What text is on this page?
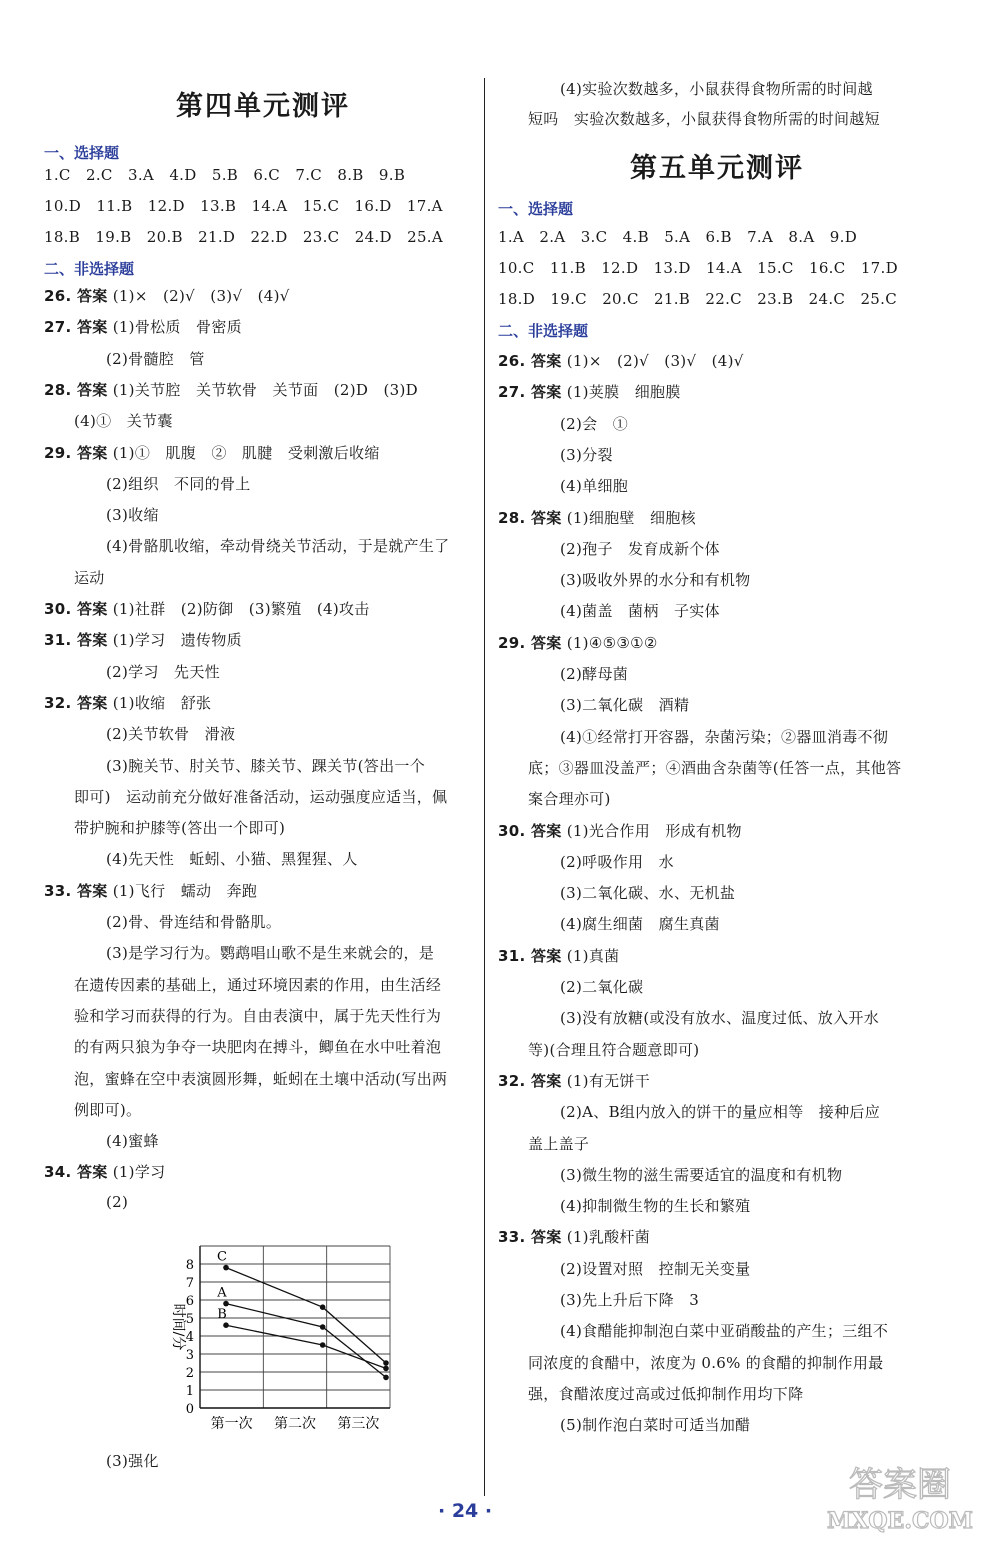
第四单元测评
一、选择题
1.C　2.C　3.A　4.D　5.B　6.C　7.C　8.B　9.B
10.D　11.B　12.D　13.B　14.A　15.C　16.D　17.A
18.B　19.B　20.B　21.D　22.D　23.C　24.D　25.A
二、非选择题
26. 答案 (1)×　(2)√　(3)√　(4)√
27. 答案 (1)骨松质　骨密质
(2)骨髓腔　管
28. 答案 (1)关节腔　关节软骨　关节面　(2)D　(3)D
(4)①　关节囊
29. 答案 (1)①　肌腹　②　肌腱　受刺激后收缩
(2)组织　不同的骨上
(3)收缩
(4)骨骼肌收缩，牵动骨绕关节活动，于是就产生了
运动
30. 答案 (1)社群　(2)防御　(3)繁殖　(4)攻击
31. 答案 (1)学习　遗传物质
(2)学习　先天性
32. 答案 (1)收缩　舒张
(2)关节软骨　滑液
(3)腕关节、肘关节、膝关节、踝关节(答出一个
即可)　运动前充分做好准备活动，运动强度应适当，佩
带护腕和护膝等(答出一个即可)
(4)先天性　蚯蚓、小猫、黑猩猩、人
33. 答案 (1)飞行　蠕动　奔跑
(2)骨、骨连结和骨骼肌。
(3)是学习行为。鹦鹉唱山歌不是生来就会的，是
在遗传因素的基础上，通过环境因素的作用，由生活经
验和学习而获得的行为。自由表演中，属于先天性行为
的有两只狼为争夺一块肥肉在搏斗，鲫鱼在水中吐着泡
泡，蜜蜂在空中表演圆形舞，蚯蚓在土壤中活动(写出两
例即可)。
(4)蜜蜂
34. 答案 (1)学习
(2)
(3)强化
(4)实验次数越多，小鼠获得食物所需的时间越
短吗　实验次数越多，小鼠获得食物所需的时间越短
第五单元测评
一、选择题
1.A　2.A　3.C　4.B　5.A　6.B　7.A　8.A　9.D
10.C　11.B　12.D　13.D　14.A　15.C　16.C　17.D
18.D　19.C　20.C　21.B　22.C　23.B　24.C　25.C
二、非选择题
26. 答案 (1)×　(2)√　(3)√　(4)√
27. 答案 (1)荚膜　细胞膜
(2)会　①
(3)分裂
(4)单细胞
28. 答案 (1)细胞壁　细胞核
(2)孢子　发育成新个体
(3)吸收外界的水分和有机物
(4)菌盖　菌柄　子实体
29. 答案 (1)④⑤③①②
(2)酵母菌
(3)二氧化碳　酒精
(4)①经常打开容器，杂菌污染；②器皿消毒不彻
底；③器皿没盖严；④酒曲含杂菌等(任答一点，其他答
案合理亦可)
30. 答案 (1)光合作用　形成有机物
(2)呼吸作用　水
(3)二氧化碳、水、无机盐
(4)腐生细菌　腐生真菌
31. 答案 (1)真菌
(2)二氧化碳
(3)没有放糖(或没有放水、温度过低、放入开水
等)(合理且符合题意即可)
32. 答案 (1)有无饼干
(2)A、B组内放入的饼干的量应相等　接种后应
盖上盖子
(3)微生物的滋生需要适宜的温度和有机物
(4)抑制微生物的生长和繁殖
33. 答案 (1)乳酸杆菌
(2)设置对照　控制无关变量
(3)先上升后下降　3
(4)食醋能抑制泡白菜中亚硝酸盐的产生；三组不
同浓度的食醋中，浓度为 0.6% 的食醋的抑制作用最
强，食醋浓度过高或过低抑制作用均下降
(5)制作泡白菜时可适当加醋
0
1
2
3
4
5
6
7
8
第一次 第二次 第三次
时间/分
C
A
B
· 24 ·
答案圈
MXQE.COM
